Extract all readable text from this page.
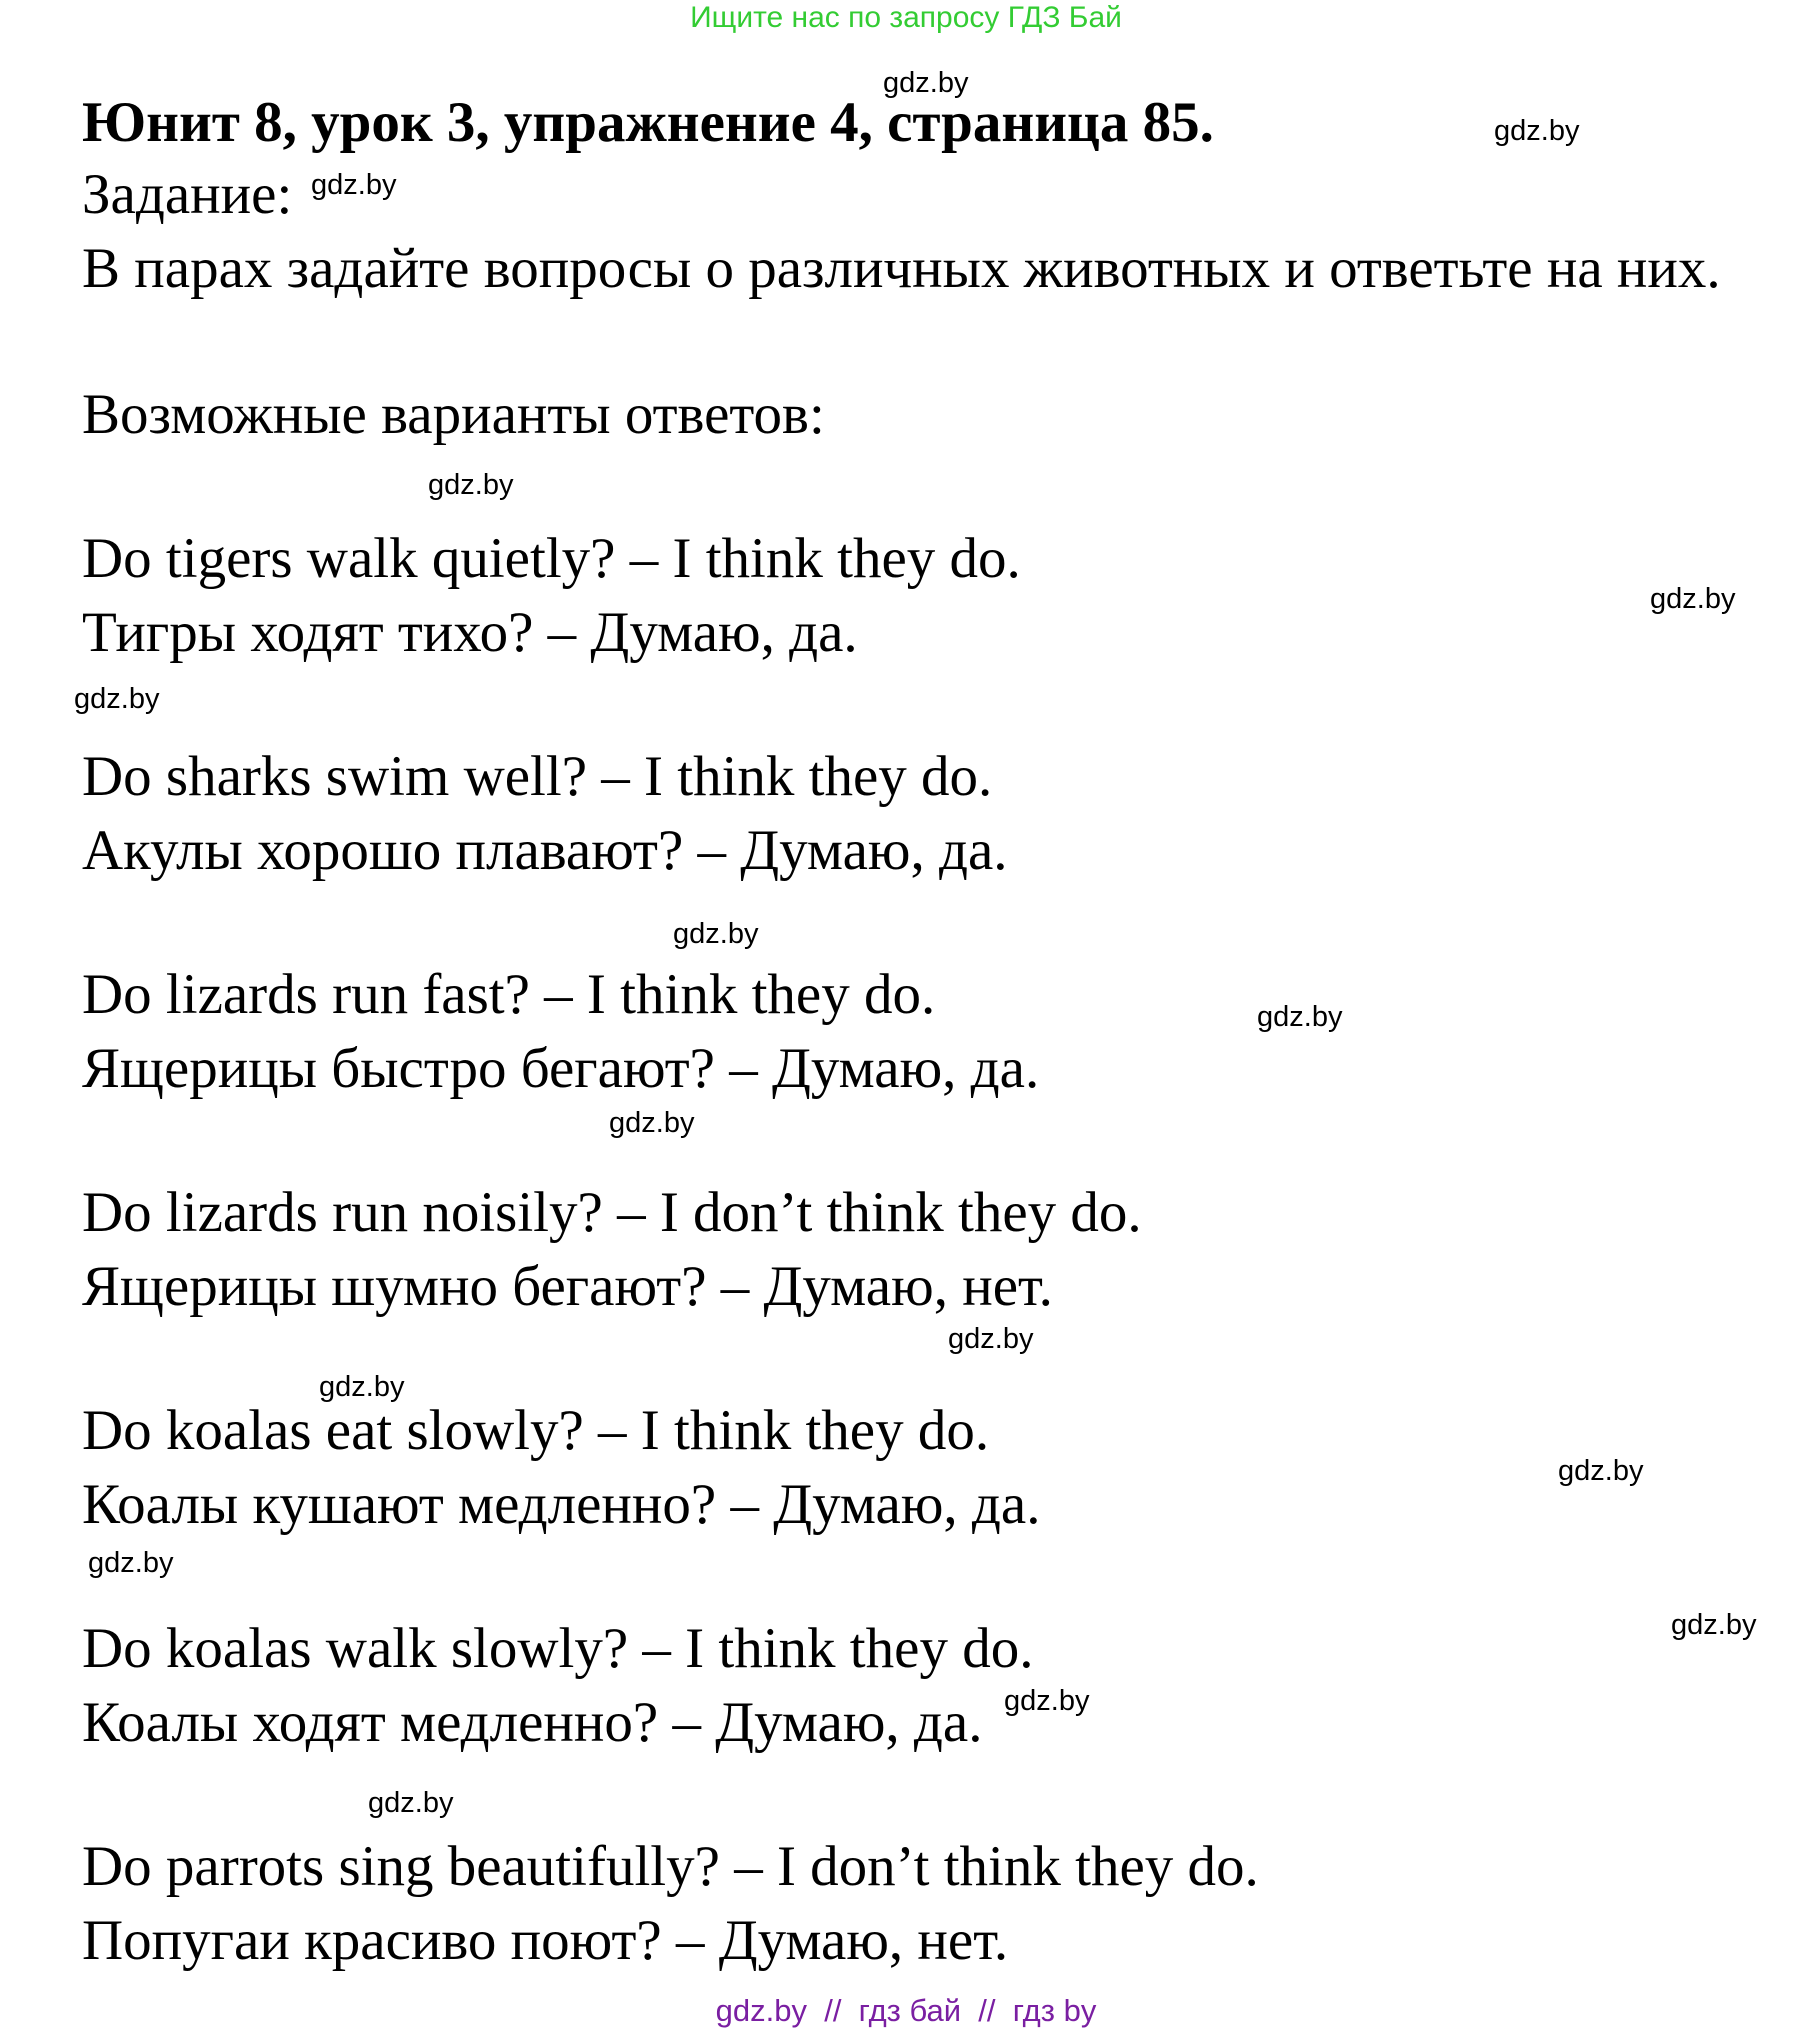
Ищите нас по запросу ГДЗ Бай
Юнит 8, урок 3, упражнение 4, страница 85.
Задание:
В парах задайте вопросы о различных животных и ответьте на них.
Возможные варианты ответов:
Do tigers walk quietly? – I think they do.
Тигры ходят тихо? – Думаю, да.
Do sharks swim well? – I think they do.
Акулы хорошо плавают? – Думаю, да.
Do lizards run fast? – I think they do.
Ящерицы быстро бегают? – Думаю, да.
Do lizards run noisily? – I don’t think they do.
Ящерицы шумно бегают? – Думаю, нет.
Do koalas eat slowly? – I think they do.
Коалы кушают медленно? – Думаю, да.
Do koalas walk slowly? – I think they do.
Коалы ходят медленно? – Думаю, да.
Do parrots sing beautifully? – I don’t think they do.
Попугаи красиво поют? – Думаю, нет.
gdz.by
gdz.by
gdz.by
gdz.by
gdz.by
gdz.by
gdz.by
gdz.by
gdz.by
gdz.by
gdz.by
gdz.by
gdz.by
gdz.by
gdz.by
gdz.by
gdz.by  //  гдз бай  //  гдз by
